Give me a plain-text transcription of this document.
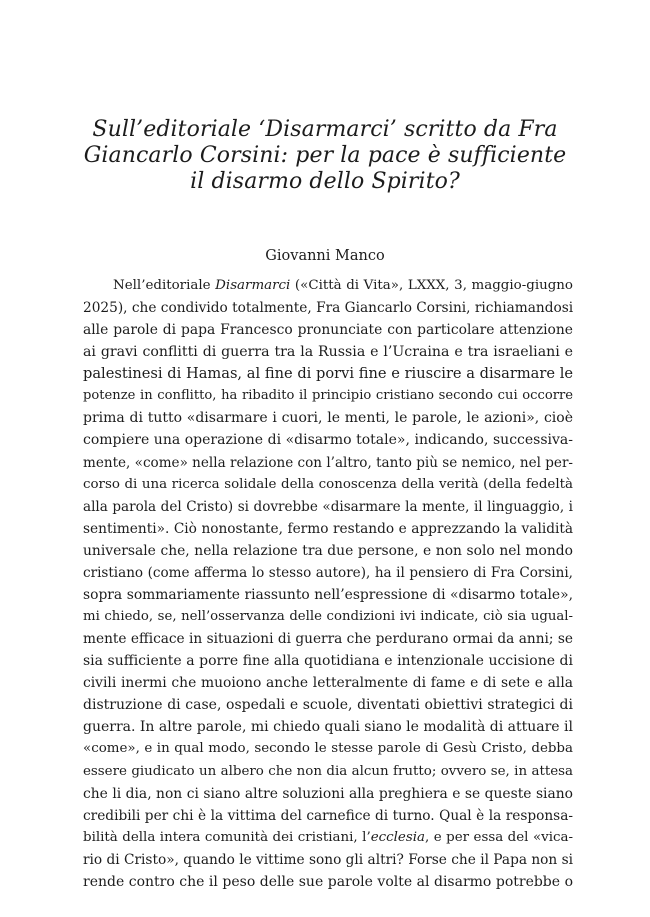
Sull’editoriale ‘Disarmarci’ scritto da Fra
Giancarlo Corsini: per la pace è sufficiente
il disarmo dello Spirito?

Giovanni Manco

Nell’editoriale Disarmarci («Città di Vita», LXXX, 3, maggio-giugno
2025), che condivido totalmente, Fra Giancarlo Corsini, richiamandosi
alle parole di papa Francesco pronunciate con particolare attenzione
ai gravi conflitti di guerra tra la Russia e l’Ucraina e tra israeliani e
palestinesi di Hamas, al fine di porvi fine e riuscire a disarmare le
potenze in conflitto, ha ribadito il principio cristiano secondo cui occorre
prima di tutto «disarmare i cuori, le menti, le parole, le azioni», cioè
compiere una operazione di «disarmo totale», indicando, successiva-
mente, «come» nella relazione con l’altro, tanto più se nemico, nel per-
corso di una ricerca solidale della conoscenza della verità (della fedeltà
alla parola del Cristo) si dovrebbe «disarmare la mente, il linguaggio, i
sentimenti». Ciò nonostante, fermo restando e apprezzando la validità
universale che, nella relazione tra due persone, e non solo nel mondo
cristiano (come afferma lo stesso autore), ha il pensiero di Fra Corsini,
sopra sommariamente riassunto nell’espressione di «disarmo totale»,
mi chiedo, se, nell’osservanza delle condizioni ivi indicate, ciò sia ugual-
mente efficace in situazioni di guerra che perdurano ormai da anni; se
sia sufficiente a porre fine alla quotidiana e intenzionale uccisione di
civili inermi che muoiono anche letteralmente di fame e di sete e alla
distruzione di case, ospedali e scuole, diventati obiettivi strategici di
guerra. In altre parole, mi chiedo quali siano le modalità di attuare il
«come», e in qual modo, secondo le stesse parole di Gesù Cristo, debba
essere giudicato un albero che non dia alcun frutto; ovvero se, in attesa
che li dia, non ci siano altre soluzioni alla preghiera e se queste siano
credibili per chi è la vittima del carnefice di turno. Qual è la responsa-
bilità della intera comunità dei cristiani, l’ecclesia, e per essa del «vica-
rio di Cristo», quando le vittime sono gli altri? Forse che il Papa non si
rende contro che il peso delle sue parole volte al disarmo potrebbe o
